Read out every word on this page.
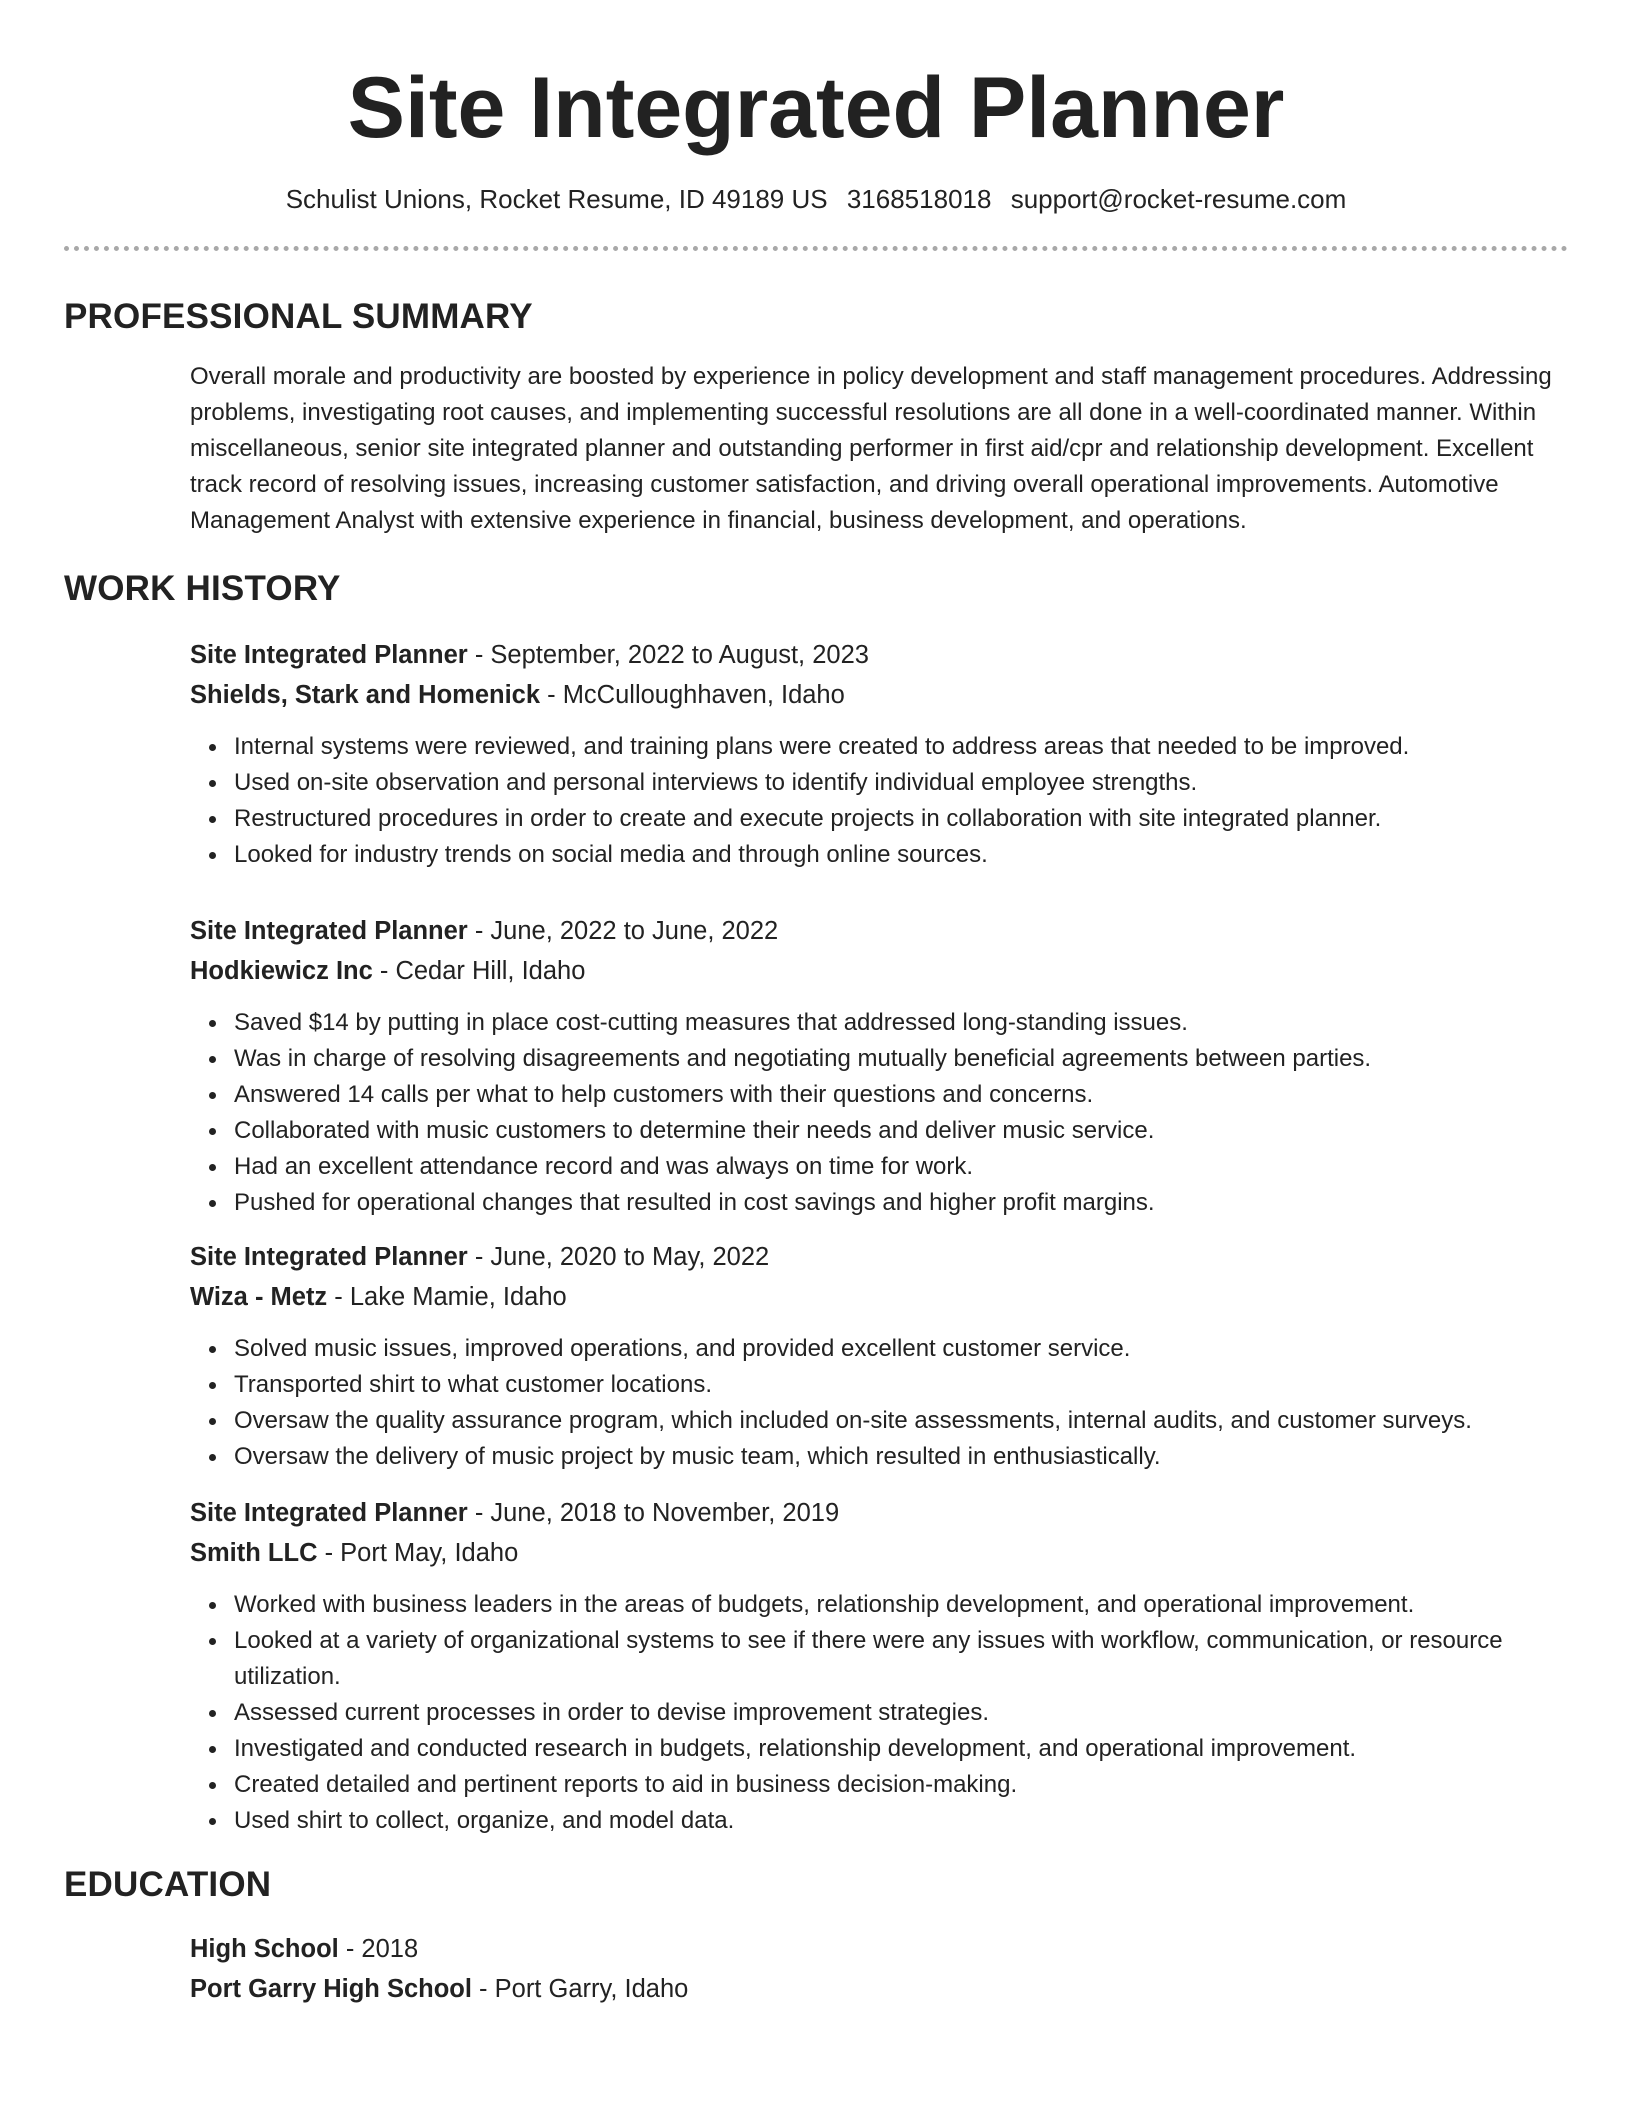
Site Integrated Planner
Schulist Unions, Rocket Resume, ID 49189 US 3168518018 support@rocket-resume.com
PROFESSIONAL SUMMARY

Overall morale and productivity are boosted by experience in policy development and staff management procedures. Addressing problems, investigating root causes, and implementing successful resolutions are all done in a well-coordinated manner. Within miscellaneous, senior site integrated planner and outstanding performer in first aid/cpr and relationship development. Excellent track record of resolving issues, increasing customer satisfaction, and driving overall operational improvements. Automotive Management Analyst with extensive experience in financial, business development, and operations.

WORK HISTORY
Site Integrated Planner - September, 2022 to August, 2023
Shields, Stark and Homenick - McCulloughhaven, Idaho
Internal systems were reviewed, and training plans were created to address areas that needed to be improved.
Used on-site observation and personal interviews to identify individual employee strengths.
Restructured procedures in order to create and execute projects in collaboration with site integrated planner.
Looked for industry trends on social media and through online sources.
Site Integrated Planner - June, 2022 to June, 2022
Hodkiewicz Inc - Cedar Hill, Idaho
Saved $14 by putting in place cost-cutting measures that addressed long-standing issues.
Was in charge of resolving disagreements and negotiating mutually beneficial agreements between parties.
Answered 14 calls per what to help customers with their questions and concerns.
Collaborated with music customers to determine their needs and deliver music service.
Had an excellent attendance record and was always on time for work.
Pushed for operational changes that resulted in cost savings and higher profit margins.
Site Integrated Planner - June, 2020 to May, 2022
Wiza - Metz - Lake Mamie, Idaho
Solved music issues, improved operations, and provided excellent customer service.
Transported shirt to what customer locations.
Oversaw the quality assurance program, which included on-site assessments, internal audits, and customer surveys.
Oversaw the delivery of music project by music team, which resulted in enthusiastically.
Site Integrated Planner - June, 2018 to November, 2019
Smith LLC - Port May, Idaho
Worked with business leaders in the areas of budgets, relationship development, and operational improvement.
Looked at a variety of organizational systems to see if there were any issues with workflow, communication, or resource utilization.
Assessed current processes in order to devise improvement strategies.
Investigated and conducted research in budgets, relationship development, and operational improvement.
Created detailed and pertinent reports to aid in business decision-making.
Used shirt to collect, organize, and model data.
EDUCATION
High School - 2018
Port Garry High School - Port Garry, Idaho
